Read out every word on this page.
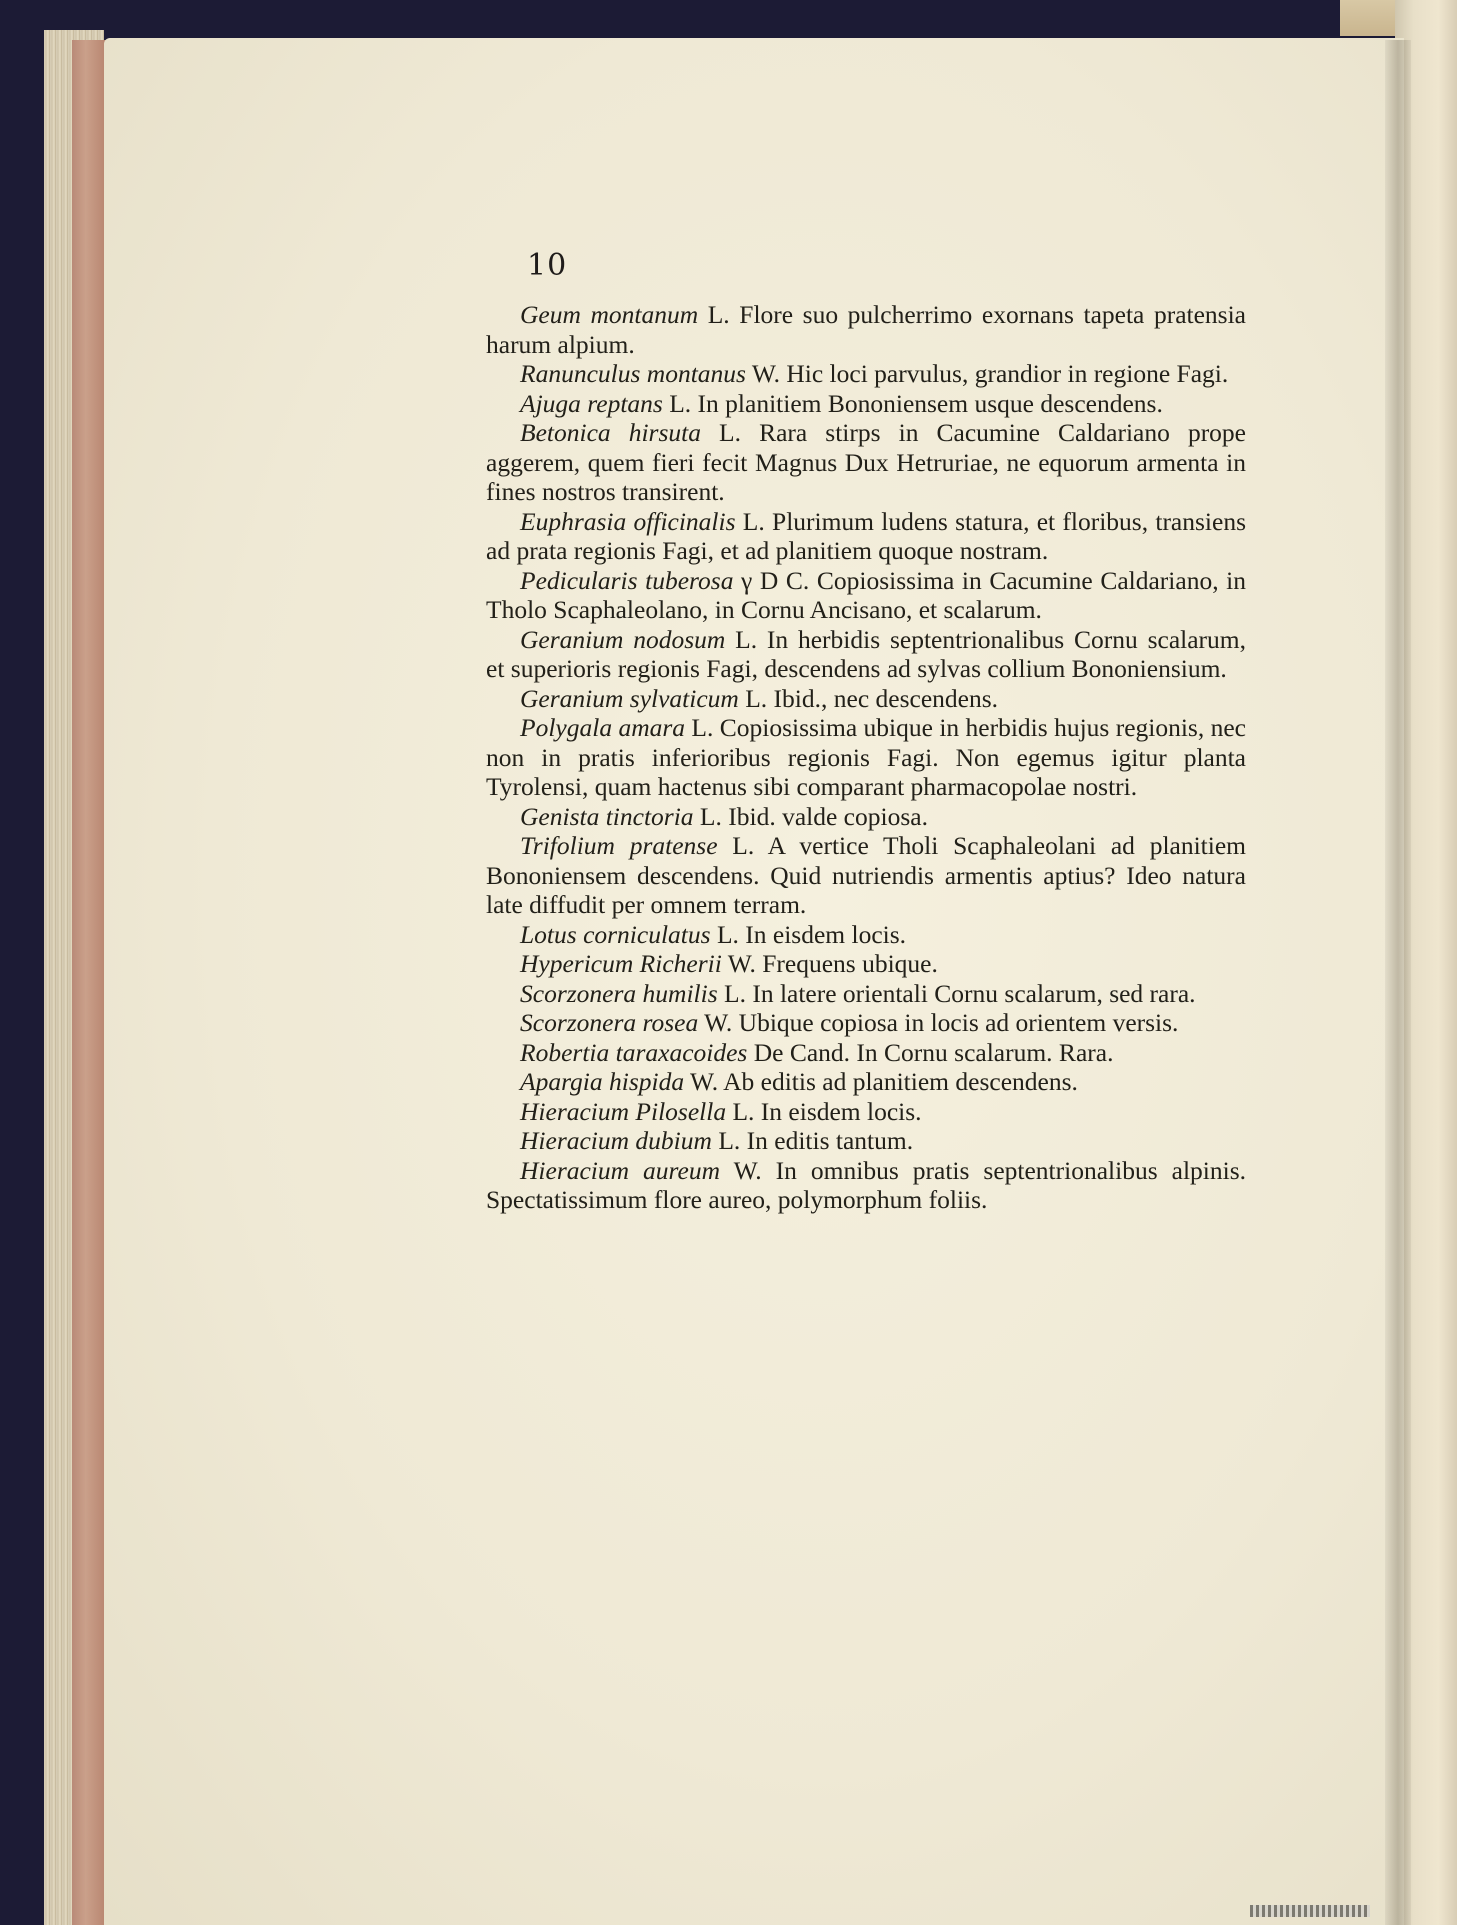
10

Geum montanum L. Flore suo pulcherrimo exornans tapeta pratensia harum alpium.

Ranunculus montanus W. Hic loci parvulus, grandior in regione Fagi.

Ajuga reptans L. In planitiem Bononiensem usque descendens.

Betonica hirsuta L. Rara stirps in Cacumine Caldariano prope aggerem, quem fieri fecit Magnus Dux Hetruriae, ne equorum armenta in fines nostros transirent.

Euphrasia officinalis L. Plurimum ludens statura, et floribus, transiens ad prata regionis Fagi, et ad planitiem quoque nostram.

Pedicularis tuberosa γ D C. Copiosissima in Cacumine Caldariano, in Tholo Scaphaleolano, in Cornu Ancisano, et scalarum.

Geranium nodosum L. In herbidis septentrionalibus Cornu scalarum, et superioris regionis Fagi, descendens ad sylvas collium Bononiensium.

Geranium sylvaticum L. Ibid., nec descendens.

Polygala amara L. Copiosissima ubique in herbidis hujus regionis, nec non in pratis inferioribus regionis Fagi. Non egemus igitur planta Tyrolensi, quam hactenus sibi comparant pharmacopolae nostri.

Genista tinctoria L. Ibid. valde copiosa.

Trifolium pratense L. A vertice Tholi Scaphaleolani ad planitiem Bononiensem descendens. Quid nutriendis armentis aptius? Ideo natura late diffudit per omnem terram.

Lotus corniculatus L. In eisdem locis.

Hypericum Richerii W. Frequens ubique.

Scorzonera humilis L. In latere orientali Cornu scalarum, sed rara.

Scorzonera rosea W. Ubique copiosa in locis ad orientem versis.

Robertia taraxacoides De Cand. In Cornu scalarum. Rara.

Apargia hispida W. Ab editis ad planitiem descendens.

Hieracium Pilosella L. In eisdem locis.

Hieracium dubium L. In editis tantum.

Hieracium aureum W. In omnibus pratis septentrionalibus alpinis. Spectatissimum flore aureo, polymorphum foliis.
